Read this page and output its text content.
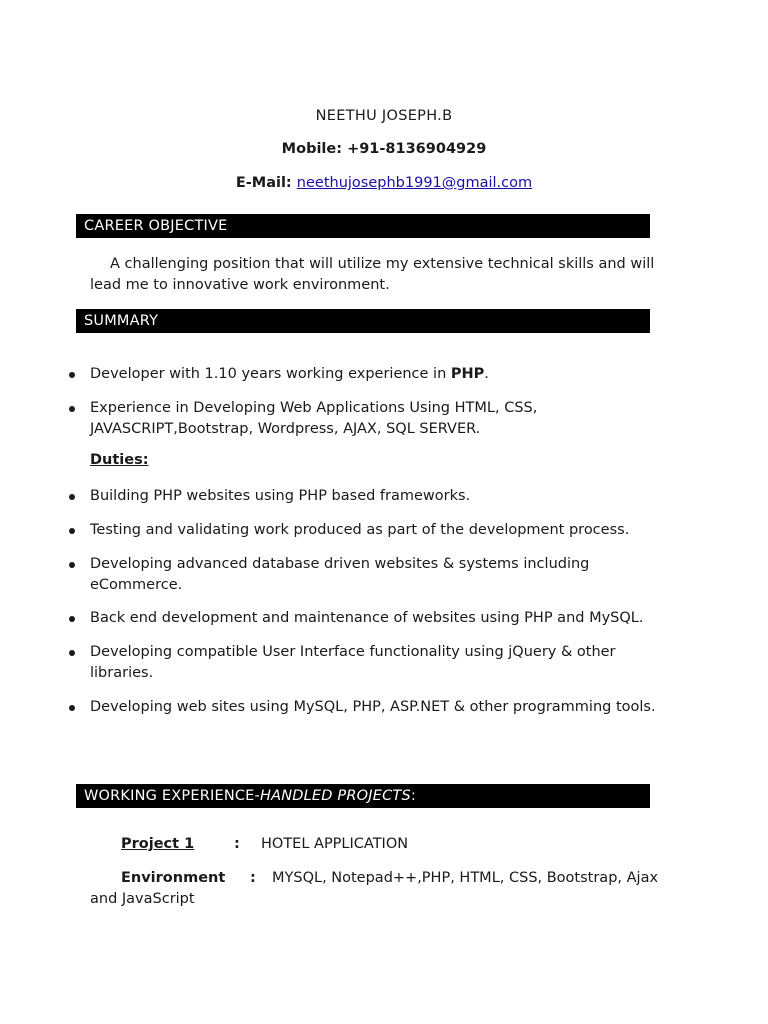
NEETHU JOSEPH.B
Mobile: +91-8136904929
E-Mail: neethujosephb1991@gmail.com
CAREER OBJECTIVE
A challenging position that will utilize my extensive technical skills and will lead me to innovative work environment.
SUMMARY
Developer with 1.10 years working experience in PHP.
Experience in Developing Web Applications Using HTML, CSS, JAVASCRIPT,Bootstrap, Wordpress, AJAX, SQL SERVER.
Duties:
Building PHP websites using PHP based frameworks.
Testing and validating work produced as part of the development process.
Developing advanced database driven websites & systems including eCommerce.
Back end development and maintenance of websites using PHP and MySQL.
Developing compatible User Interface functionality using jQuery & other libraries.
Developing web sites using MySQL, PHP, ASP.NET & other programming tools.
WORKING EXPERIENCE-HANDLED PROJECTS:
Project 1	: HOTEL APPLICATION
Environment : MYSQL, Notepad++,PHP, HTML, CSS, Bootstrap, Ajax
and JavaScript
